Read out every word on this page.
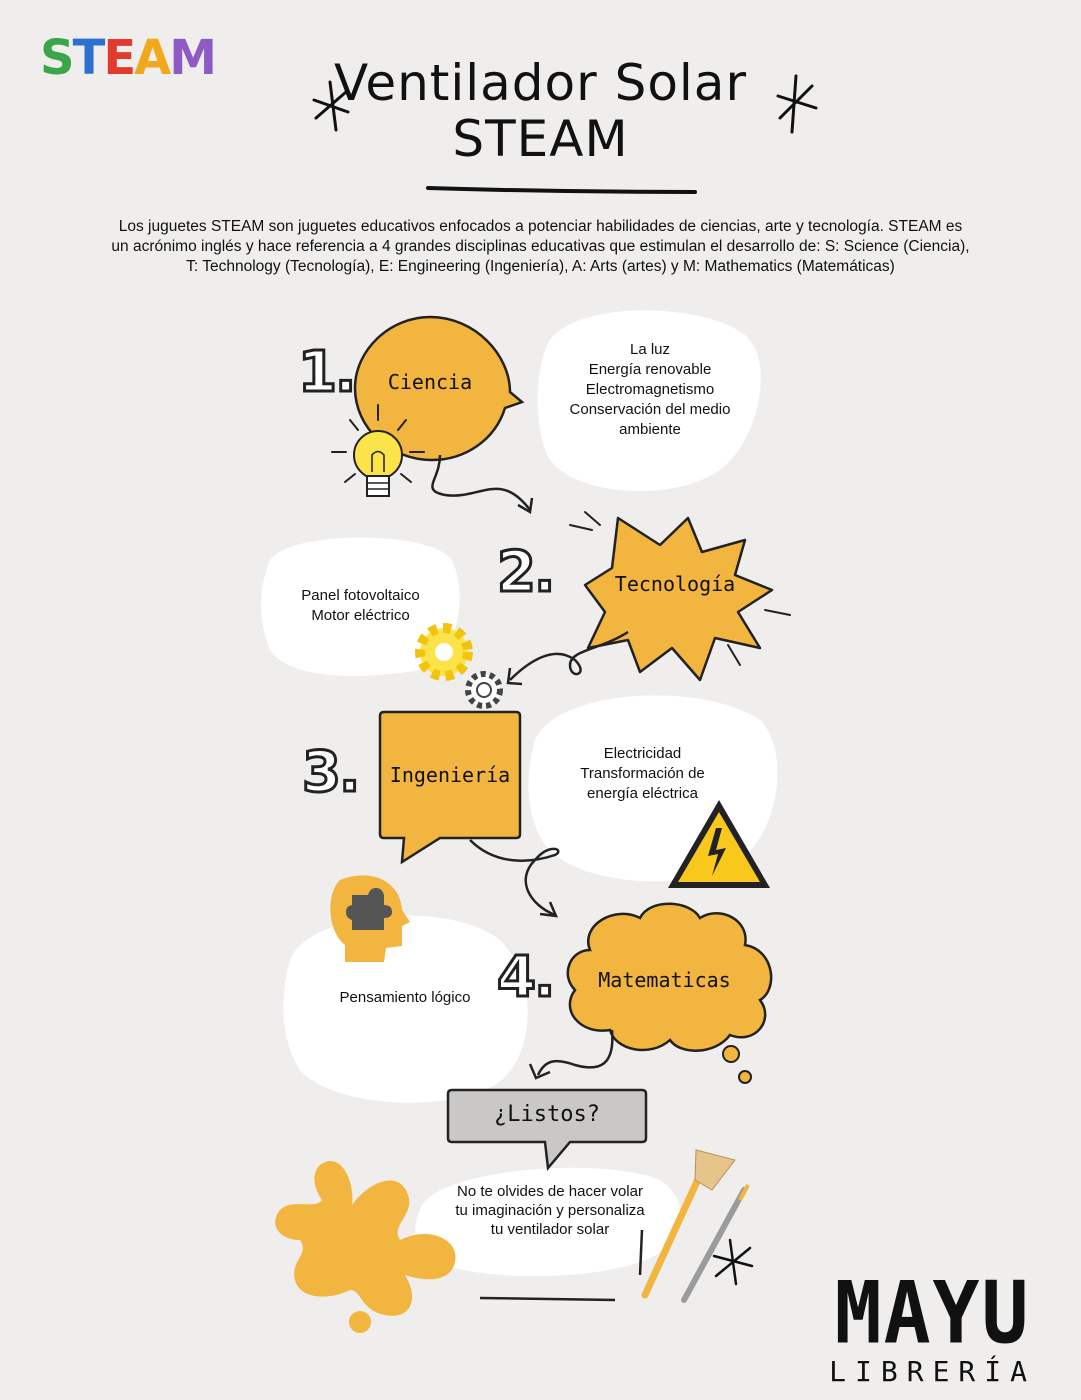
STEAM	Ventilador Solar
STEAM
Los juguetes STEAM son juguetes educativos enfocados a potenciar habilidades de ciencias, arte y tecnología. STEAM es un acrónimo inglés y hace referencia a 4 grandes disciplinas educativas que estimulan el desarrollo de: S: Science (Ciencia), T: Technology (Tecnología), E: Engineering (Ingeniería), A: Arts (artes) y M: Mathematics (Matemáticas)
1.	Ciencia
La luz
Energía renovable
Electromagnetismo
Conservación del medio
ambiente
2.	Tecnología
Panel fotovoltaico
Motor eléctrico
3.	Ingeniería
Electricidad
Transformación de
energía eléctrica
4.	Matematicas
Pensamiento lógico
¿Listos?
No te olvides de hacer volar
tu imaginación y personaliza
tu ventilador solar
MAYU
LIBRERÍA
